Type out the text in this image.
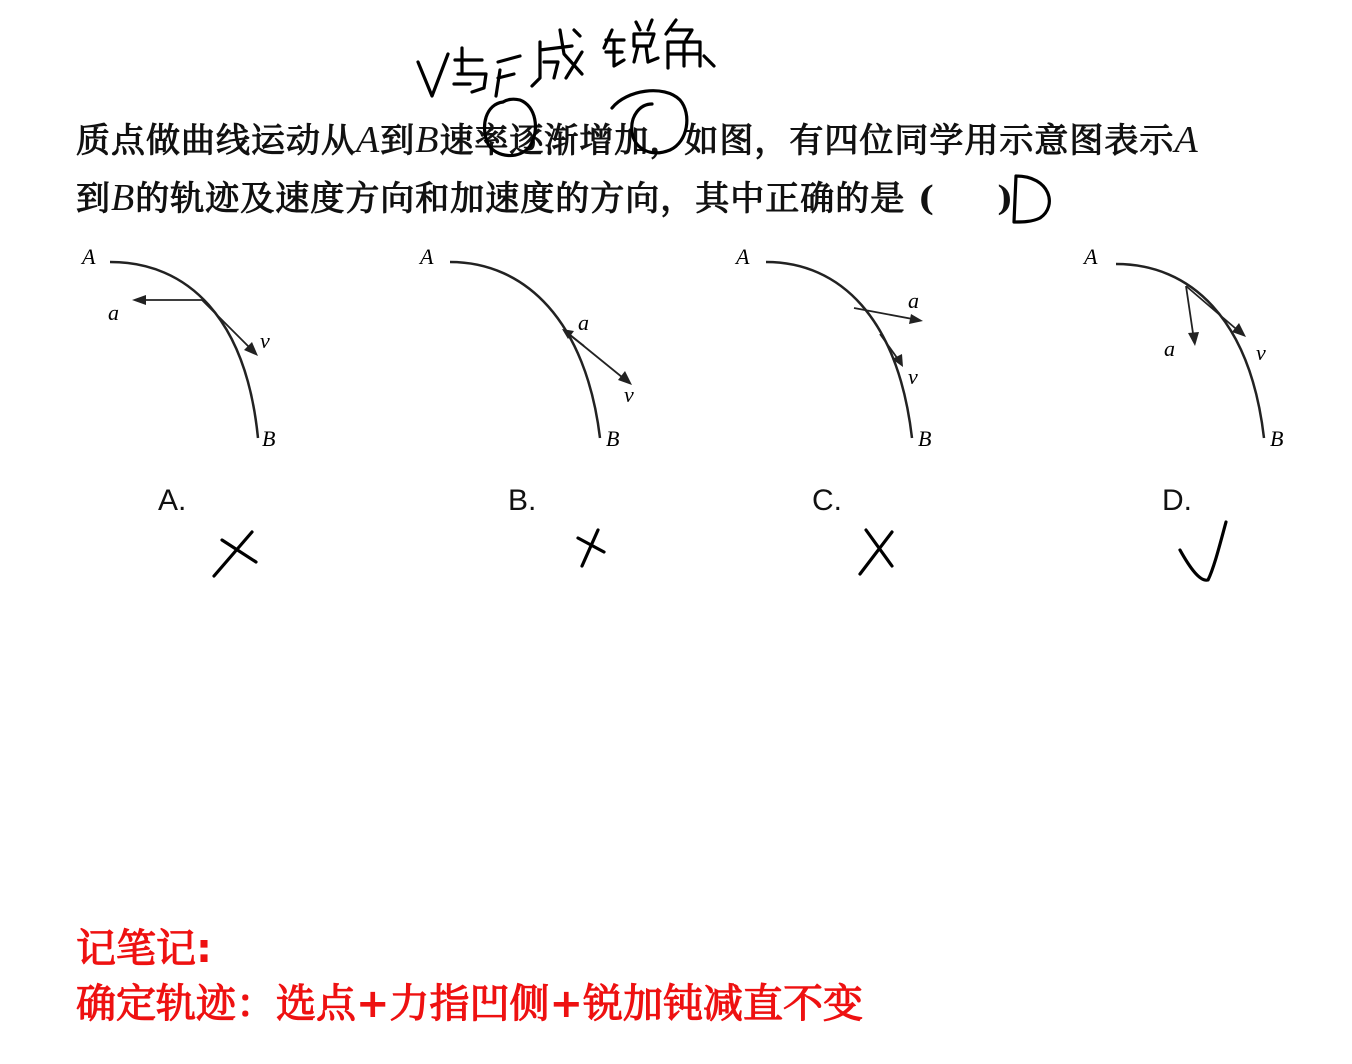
质点做曲线运动从A到B速率逐渐增加，如图，有四位同学用示意图表示A
到B的轨迹及速度方向和加速度的方向，其中正确的是 ( )
A
B
a
v
A.
A
B
a
v
B.
A
B
a
v
C.
A
B
a	v
D.
记笔记:
确定轨迹：选点+力指凹侧+锐加钝减直不变
